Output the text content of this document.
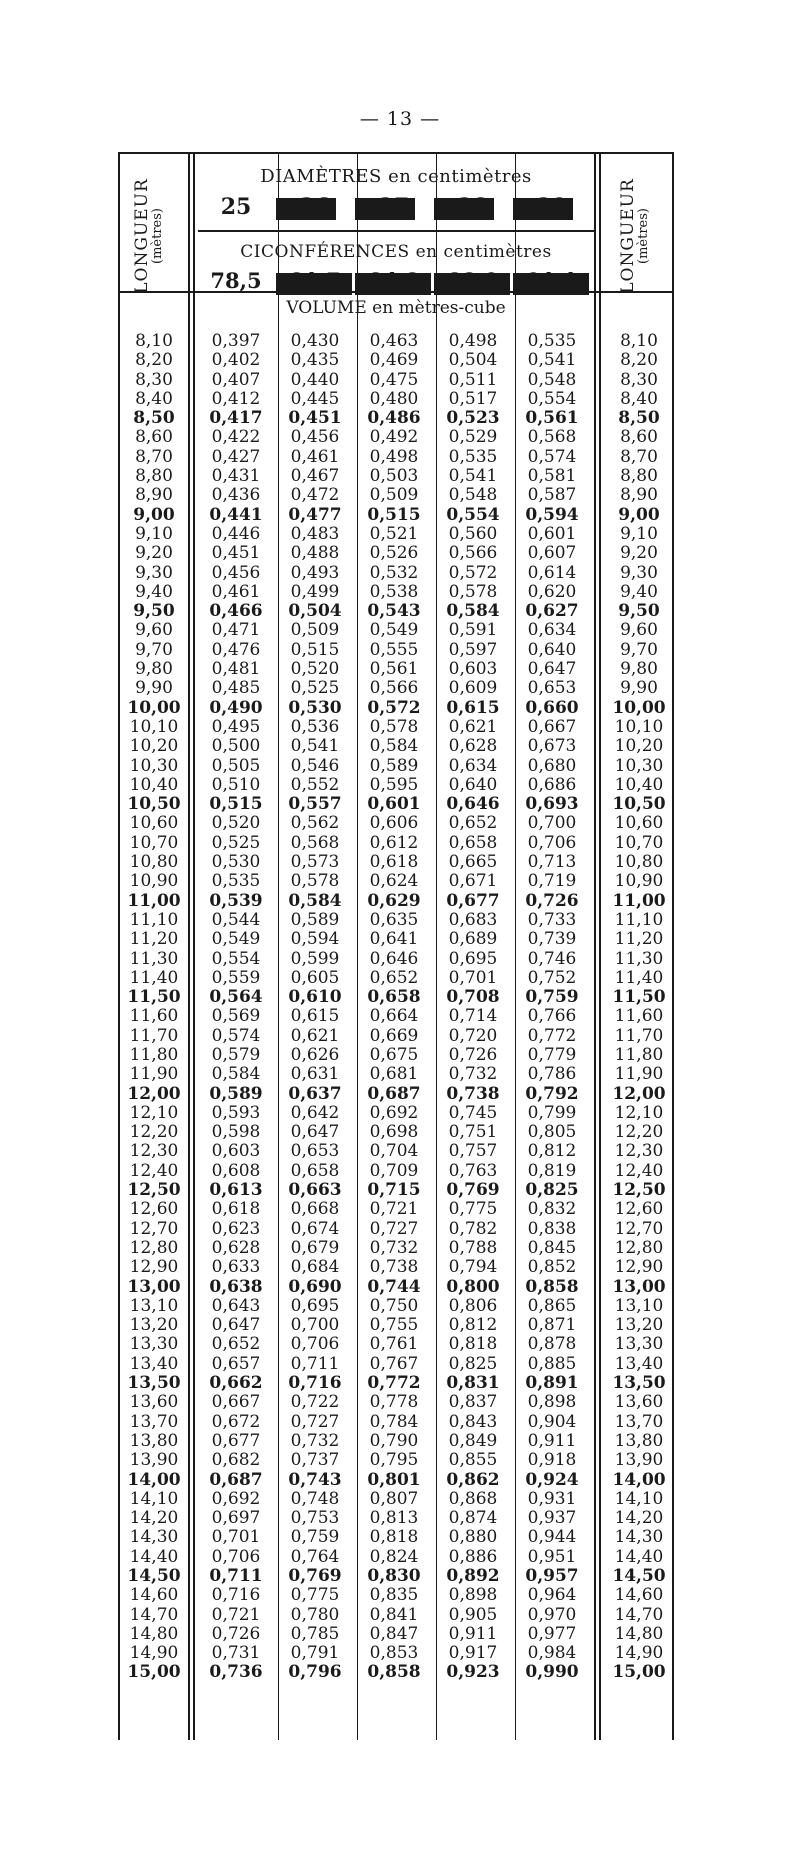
— 13 —
LONGUEUR
(mètres)	LONGUEUR
(mètres)
DIAMÈTRES en centimètres
25	26	27	28	29
CICONFÉRENCES en centimètres
78,5	81,7	84,8	88,0	91,1
VOLUME en mètres-cube
8,10	0,397	0,430	0,463	0,498	0,535	8,10
8,20	0,402	0,435	0,469	0,504	0,541	8,20
8,30	0,407	0,440	0,475	0,511	0,548	8,30
8,40	0,412	0,445	0,480	0,517	0,554	8,40
8,50	0,417	0,451	0,486	0,523	0,561	8,50
8,60	0,422	0,456	0,492	0,529	0,568	8,60
8,70	0,427	0,461	0,498	0,535	0,574	8,70
8,80	0,431	0,467	0,503	0,541	0,581	8,80
8,90	0,436	0,472	0,509	0,548	0,587	8,90
9,00	0,441	0,477	0,515	0,554	0,594	9,00
9,10	0,446	0,483	0,521	0,560	0,601	9,10
9,20	0,451	0,488	0,526	0,566	0,607	9,20
9,30	0,456	0,493	0,532	0,572	0,614	9,30
9,40	0,461	0,499	0,538	0,578	0,620	9,40
9,50	0,466	0,504	0,543	0,584	0,627	9,50
9,60	0,471	0,509	0,549	0,591	0,634	9,60
9,70	0,476	0,515	0,555	0,597	0,640	9,70
9,80	0,481	0,520	0,561	0,603	0,647	9,80
9,90	0,485	0,525	0,566	0,609	0,653	9,90
10,00	0,490	0,530	0,572	0,615	0,660	10,00
10,10	0,495	0,536	0,578	0,621	0,667	10,10
10,20	0,500	0,541	0,584	0,628	0,673	10,20
10,30	0,505	0,546	0,589	0,634	0,680	10,30
10,40	0,510	0,552	0,595	0,640	0,686	10,40
10,50	0,515	0,557	0,601	0,646	0,693	10,50
10,60	0,520	0,562	0,606	0,652	0,700	10,60
10,70	0,525	0,568	0,612	0,658	0,706	10,70
10,80	0,530	0,573	0,618	0,665	0,713	10,80
10,90	0,535	0,578	0,624	0,671	0,719	10,90
11,00	0,539	0,584	0,629	0,677	0,726	11,00
11,10	0,544	0,589	0,635	0,683	0,733	11,10
11,20	0,549	0,594	0,641	0,689	0,739	11,20
11,30	0,554	0,599	0,646	0,695	0,746	11,30
11,40	0,559	0,605	0,652	0,701	0,752	11,40
11,50	0,564	0,610	0,658	0,708	0,759	11,50
11,60	0,569	0,615	0,664	0,714	0,766	11,60
11,70	0,574	0,621	0,669	0,720	0,772	11,70
11,80	0,579	0,626	0,675	0,726	0,779	11,80
11,90	0,584	0,631	0,681	0,732	0,786	11,90
12,00	0,589	0,637	0,687	0,738	0,792	12,00
12,10	0,593	0,642	0,692	0,745	0,799	12,10
12,20	0,598	0,647	0,698	0,751	0,805	12,20
12,30	0,603	0,653	0,704	0,757	0,812	12,30
12,40	0,608	0,658	0,709	0,763	0,819	12,40
12,50	0,613	0,663	0,715	0,769	0,825	12,50
12,60	0,618	0,668	0,721	0,775	0,832	12,60
12,70	0,623	0,674	0,727	0,782	0,838	12,70
12,80	0,628	0,679	0,732	0,788	0,845	12,80
12,90	0,633	0,684	0,738	0,794	0,852	12,90
13,00	0,638	0,690	0,744	0,800	0,858	13,00
13,10	0,643	0,695	0,750	0,806	0,865	13,10
13,20	0,647	0,700	0,755	0,812	0,871	13,20
13,30	0,652	0,706	0,761	0,818	0,878	13,30
13,40	0,657	0,711	0,767	0,825	0,885	13,40
13,50	0,662	0,716	0,772	0,831	0,891	13,50
13,60	0,667	0,722	0,778	0,837	0,898	13,60
13,70	0,672	0,727	0,784	0,843	0,904	13,70
13,80	0,677	0,732	0,790	0,849	0,911	13,80
13,90	0,682	0,737	0,795	0,855	0,918	13,90
14,00	0,687	0,743	0,801	0,862	0,924	14,00
14,10	0,692	0,748	0,807	0,868	0,931	14,10
14,20	0,697	0,753	0,813	0,874	0,937	14,20
14,30	0,701	0,759	0,818	0,880	0,944	14,30
14,40	0,706	0,764	0,824	0,886	0,951	14,40
14,50	0,711	0,769	0,830	0,892	0,957	14,50
14,60	0,716	0,775	0,835	0,898	0,964	14,60
14,70	0,721	0,780	0,841	0,905	0,970	14,70
14,80	0,726	0,785	0,847	0,911	0,977	14,80
14,90	0,731	0,791	0,853	0,917	0,984	14,90
15,00	0,736	0,796	0,858	0,923	0,990	15,00
